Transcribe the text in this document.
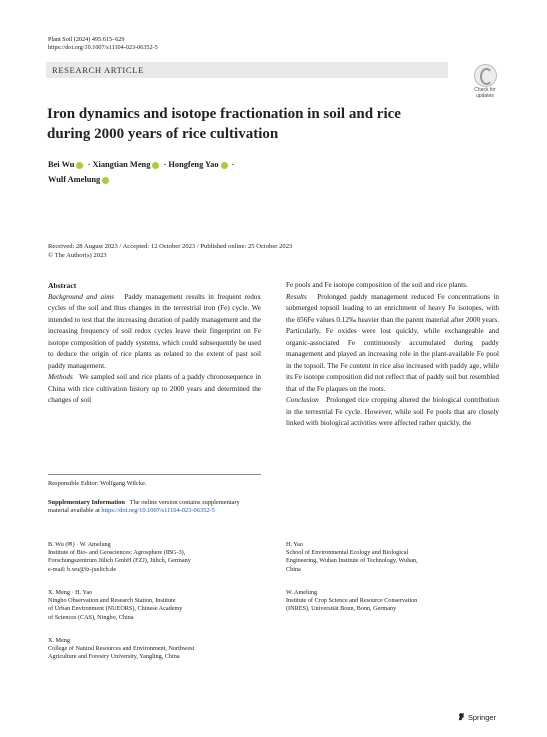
Plant Soil (2024) 495:615–629
https://doi.org/10.1007/s11104-023-06352-5
RESEARCH ARTICLE
Check for
updates
Iron dynamics and isotope fractionation in soil and rice during 2000 years of rice cultivation
Bei Wu · Xiangtian Meng · Hongfeng Yao ·
Wulf Amelung
Received: 28 August 2023 / Accepted: 12 October 2023 / Published online: 25 October 2023
© The Author(s) 2023
Abstract
Background and aims Paddy management results in frequent redox cycles of the soil and thus changes in the terrestrial iron (Fe) cycle. We intended to test that the increasing duration of paddy management and the increasing frequency of soil redox cycles leave their fingerprint on Fe isotope composition of paddy systems, which could subsequently be used to deduce the origin of rice plants as related to the extent of past soil paddy management.
Methods We sampled soil and rice plants of a paddy chronosequence in China with rice cultivation history up to 2000 years and determined the changes of soil
Fe pools and Fe isotope composition of the soil and rice plants.
Results Prolonged paddy management reduced Fe concentrations in submerged topsoil leading to an enrichment of heavy Fe isotopes, with the δ56Fe values 0.12‰ heavier than the parent material after 2000 years. Particularly, Fe oxides were lost quickly, while exchangeable and organic-associated Fe continuously accumulated during paddy management and played an increasing role in the plant-available Fe pool in the topsoil. The Fe content in rice also increased with paddy age, while its Fe isotope composition did not reflect that of paddy soil but resembled that of the Fe plaques on the roots.
Conclusion Prolonged rice cropping altered the biological contribution in the terrestrial Fe cycle. However, while soil Fe pools that are closely linked with biological activities were affected rather quickly, the
Responsible Editor: Wolfgang Wilcke.
Supplementary Information The online version contains supplementary material available at https://doi.org/10.1007/s11104-023-06352-5
B. Wu (✉) · W. Amelung
Institute of Bio- and Geosciences: Agrosphere (IBG-3),
Forschungszentrum Jülich GmbH (FZJ), Jülich, Germany
e-mail: b.wu@fz-juelich.de
X. Meng · H. Yao
Ningbo Observation and Research Station, Institute
of Urban Environment (NUEORS), Chinese Academy
of Sciences (CAS), Ningbo, China
X. Meng
College of Natural Resources and Environment, Northwest
Agriculture and Forestry University, Yangling, China
H. Yao
School of Environmental Ecology and Biological
Engineering, Wuhan Institute of Technology, Wuhan,
China
W. Amelung
Institute of Crop Science and Resource Conservation
(INRES), Universität Bonn, Bonn, Germany
Springer
